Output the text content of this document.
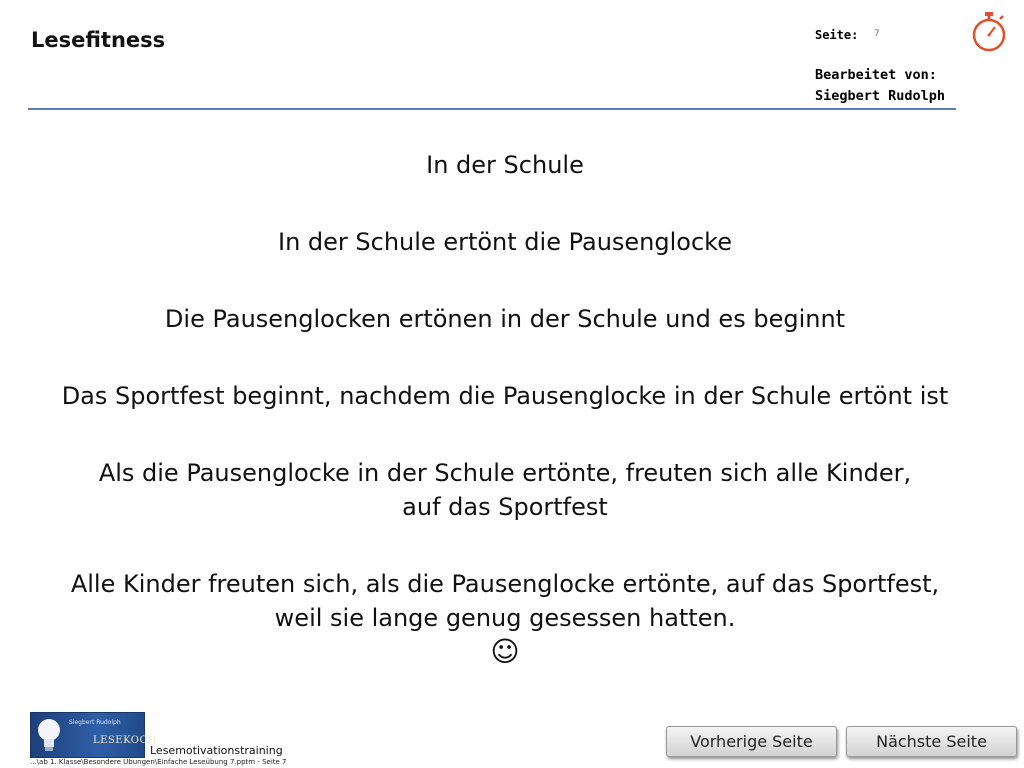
Lesefitness	Seite: 7
Bearbeitet von:
Siegbert Rudolph
In der Schule
In der Schule ertönt die Pausenglocke
Die Pausenglocken ertönen in der Schule und es beginnt
Das Sportfest beginnt, nachdem die Pausenglocke in der Schule ertönt ist
Als die Pausenglocke in der Schule ertönte, freuten sich alle Kinder,
auf das Sportfest
Alle Kinder freuten sich, als die Pausenglocke ertönte, auf das Sportfest,
weil sie lange genug gesessen hatten.
☺
Siegbert Rudolph
LESEKOCH
Lesemotivationstraining
...\ab 1. Klasse\Besondere Übungen\Einfache Leseübung 7.pptm - Seite 7
Vorherige Seite	Nächste Seite
